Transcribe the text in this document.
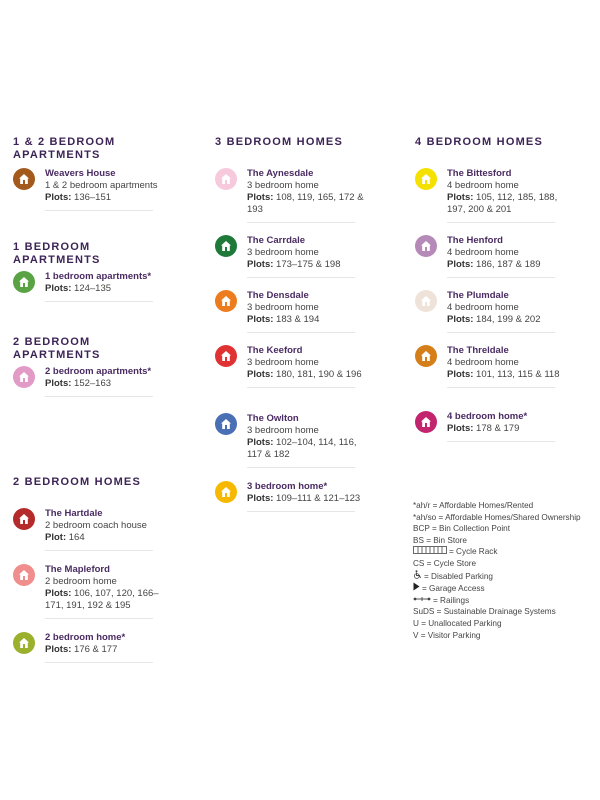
1 & 2 BEDROOM APARTMENTS
Weavers House
1 & 2 bedroom apartments
Plots: 136–151
1 BEDROOM APARTMENTS
1 bedroom apartments*
Plots: 124–135
2 BEDROOM APARTMENTS
2 bedroom apartments*
Plots: 152–163
2 BEDROOM HOMES
The Hartdale
2 bedroom coach house
Plot: 164
The Mapleford
2 bedroom home
Plots: 106, 107, 120, 166–171, 191, 192 & 195
2 bedroom home*
Plots: 176 & 177
3 BEDROOM HOMES
The Aynesdale
3 bedroom home
Plots: 108, 119, 165, 172 & 193
The Carrdale
3 bedroom home
Plots: 173–175 & 198
The Densdale
3 bedroom home
Plots: 183 & 194
The Keeford
3 bedroom home
Plots: 180, 181, 190 & 196
The Owlton
3 bedroom home
Plots: 102–104, 114, 116, 117 & 182
3 bedroom home*
Plots: 109–111 & 121–123
4 BEDROOM HOMES
The Bittesford
4 bedroom home
Plots: 105, 112, 185, 188, 197, 200 & 201
The Henford
4 bedroom home
Plots: 186, 187 & 189
The Plumdale
4 bedroom home
Plots: 184, 199 & 202
The Threldale
4 bedroom home
Plots: 101, 113, 115 & 118
4 bedroom home*
Plots: 178 & 179
*ah/r = Affordable Homes/Rented
*ah/so = Affordable Homes/Shared Ownership
BCP = Bin Collection Point
BS = Bin Store
= Cycle Rack
CS = Cycle Store
= Disabled Parking
= Garage Access
= Railings
SuDS = Sustainable Drainage Systems
U = Unallocated Parking
V = Visitor Parking
